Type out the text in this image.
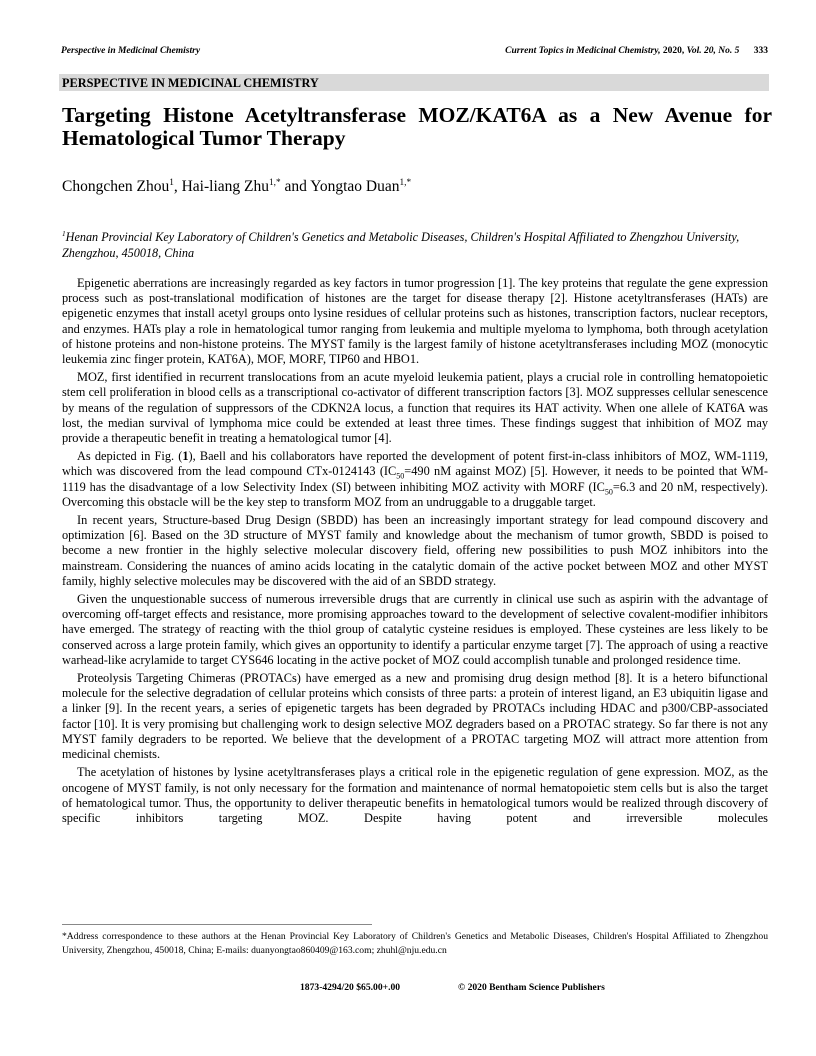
Perspective in Medicinal Chemistry	Current Topics in Medicinal Chemistry, 2020, Vol. 20, No. 5 333
PERSPECTIVE IN MEDICINAL CHEMISTRY
Targeting Histone Acetyltransferase MOZ/KAT6A as a New Avenue for Hematological Tumor Therapy
Chongchen Zhou$^1$, Hai-liang Zhu$^{1,*}$ and Yongtao Duan$^{1,*}$
$^1$Henan Provincial Key Laboratory of Children's Genetics and Metabolic Diseases, Children's Hospital Affiliated to Zhengzhou University, Zhengzhou, 450018, China

Epigenetic aberrations are increasingly regarded as key factors in tumor progression [1]. The key proteins that regulate the gene expression process such as post-translational modification of histones are the target for disease therapy [2]. Histone acetyltransferases (HATs) are epigenetic enzymes that install acetyl groups onto lysine residues of cellular proteins such as histones, transcription factors, nuclear receptors, and enzymes. HATs play a role in hematological tumor ranging from leukemia and multiple myeloma to lymphoma, both through acetylation of histone proteins and non-histone proteins. The MYST family is the largest family of histone acetyltransferases including MOZ (monocytic leukemia zinc finger protein, KAT6A), MOF, MORF, TIP60 and HBO1.

MOZ, first identified in recurrent translocations from an acute myeloid leukemia patient, plays a crucial role in controlling hematopoietic stem cell proliferation in blood cells as a transcriptional co-activator of different transcription factors [3]. MOZ suppresses cellular senescence by means of the regulation of suppressors of the CDKN2A locus, a function that requires its HAT activity. When one allele of KAT6A was lost, the median survival of lymphoma mice could be extended at least three times. These findings suggest that inhibition of MOZ may provide a therapeutic benefit in treating a hematological tumor [4].

As depicted in Fig. (1), Baell and his collaborators have reported the development of potent first-in-class inhibitors of MOZ, WM-1119, which was discovered from the lead compound CTx-0124143 ($IC_{50}=490$ nM against MOZ) [5]. However, it needs to be pointed that WM-1119 has the disadvantage of a low Selectivity Index (SI) between inhibiting MOZ activity with MORF ($IC_{50}=6.3$ and 20 nM, respectively). Overcoming this obstacle will be the key step to transform MOZ from an undruggable to a druggable target.

In recent years, Structure-based Drug Design (SBDD) has been an increasingly important strategy for lead compound discovery and optimization [6]. Based on the 3D structure of MYST family and knowledge about the mechanism of tumor growth, SBDD is poised to become a new frontier in the highly selective molecular discovery field, offering new possibilities to push MOZ inhibitors into the mainstream. Considering the nuances of amino acids locating in the catalytic domain of the active pocket between MOZ and other MYST family, highly selective molecules may be discovered with the aid of an SBDD strategy.

Given the unquestionable success of numerous irreversible drugs that are currently in clinical use such as aspirin with the advantage of overcoming off-target effects and resistance, more promising approaches toward to the development of selective covalent-modifier inhibitors have emerged. The strategy of reacting with the thiol group of catalytic cysteine residues is employed. These cysteines are less likely to be conserved across a large protein family, which gives an opportunity to identify a particular enzyme target [7]. The approach of using a reactive warhead-like acrylamide to target CYS646 locating in the active pocket of MOZ could accomplish tunable and prolonged residence time.

Proteolysis Targeting Chimeras (PROTACs) have emerged as a new and promising drug design method [8]. It is a hetero bifunctional molecule for the selective degradation of cellular proteins which consists of three parts: a protein of interest ligand, an E3 ubiquitin ligase and a linker [9]. In the recent years, a series of epigenetic targets has been degraded by PROTACs including HDAC and p300/CBP-associated factor [10]. It is very promising but challenging work to design selective MOZ degraders based on a PROTAC strategy. So far there is not any MYST family degraders to be reported. We believe that the development of a PROTAC targeting MOZ will attract more attention from medicinal chemists.

The acetylation of histones by lysine acetyltransferases plays a critical role in the epigenetic regulation of gene expression. MOZ, as the oncogene of MYST family, is not only necessary for the formation and maintenance of normal hematopoietic stem cells but is also the target of hematological tumor. Thus, the opportunity to deliver therapeutic benefits in hematological tumors would be realized through discovery of specific inhibitors targeting MOZ. Despite having potent and irreversible molecules

*Address correspondence to these authors at the Henan Provincial Key Laboratory of Children's Genetics and Metabolic Diseases, Children's Hospital Affiliated to Zhengzhou University, Zhengzhou, 450018, China; E-mails: duanyongtao860409@163.com; zhuhl@nju.edu.cn
1873-4294/20 $65.00+.00	© 2020 Bentham Science Publishers
